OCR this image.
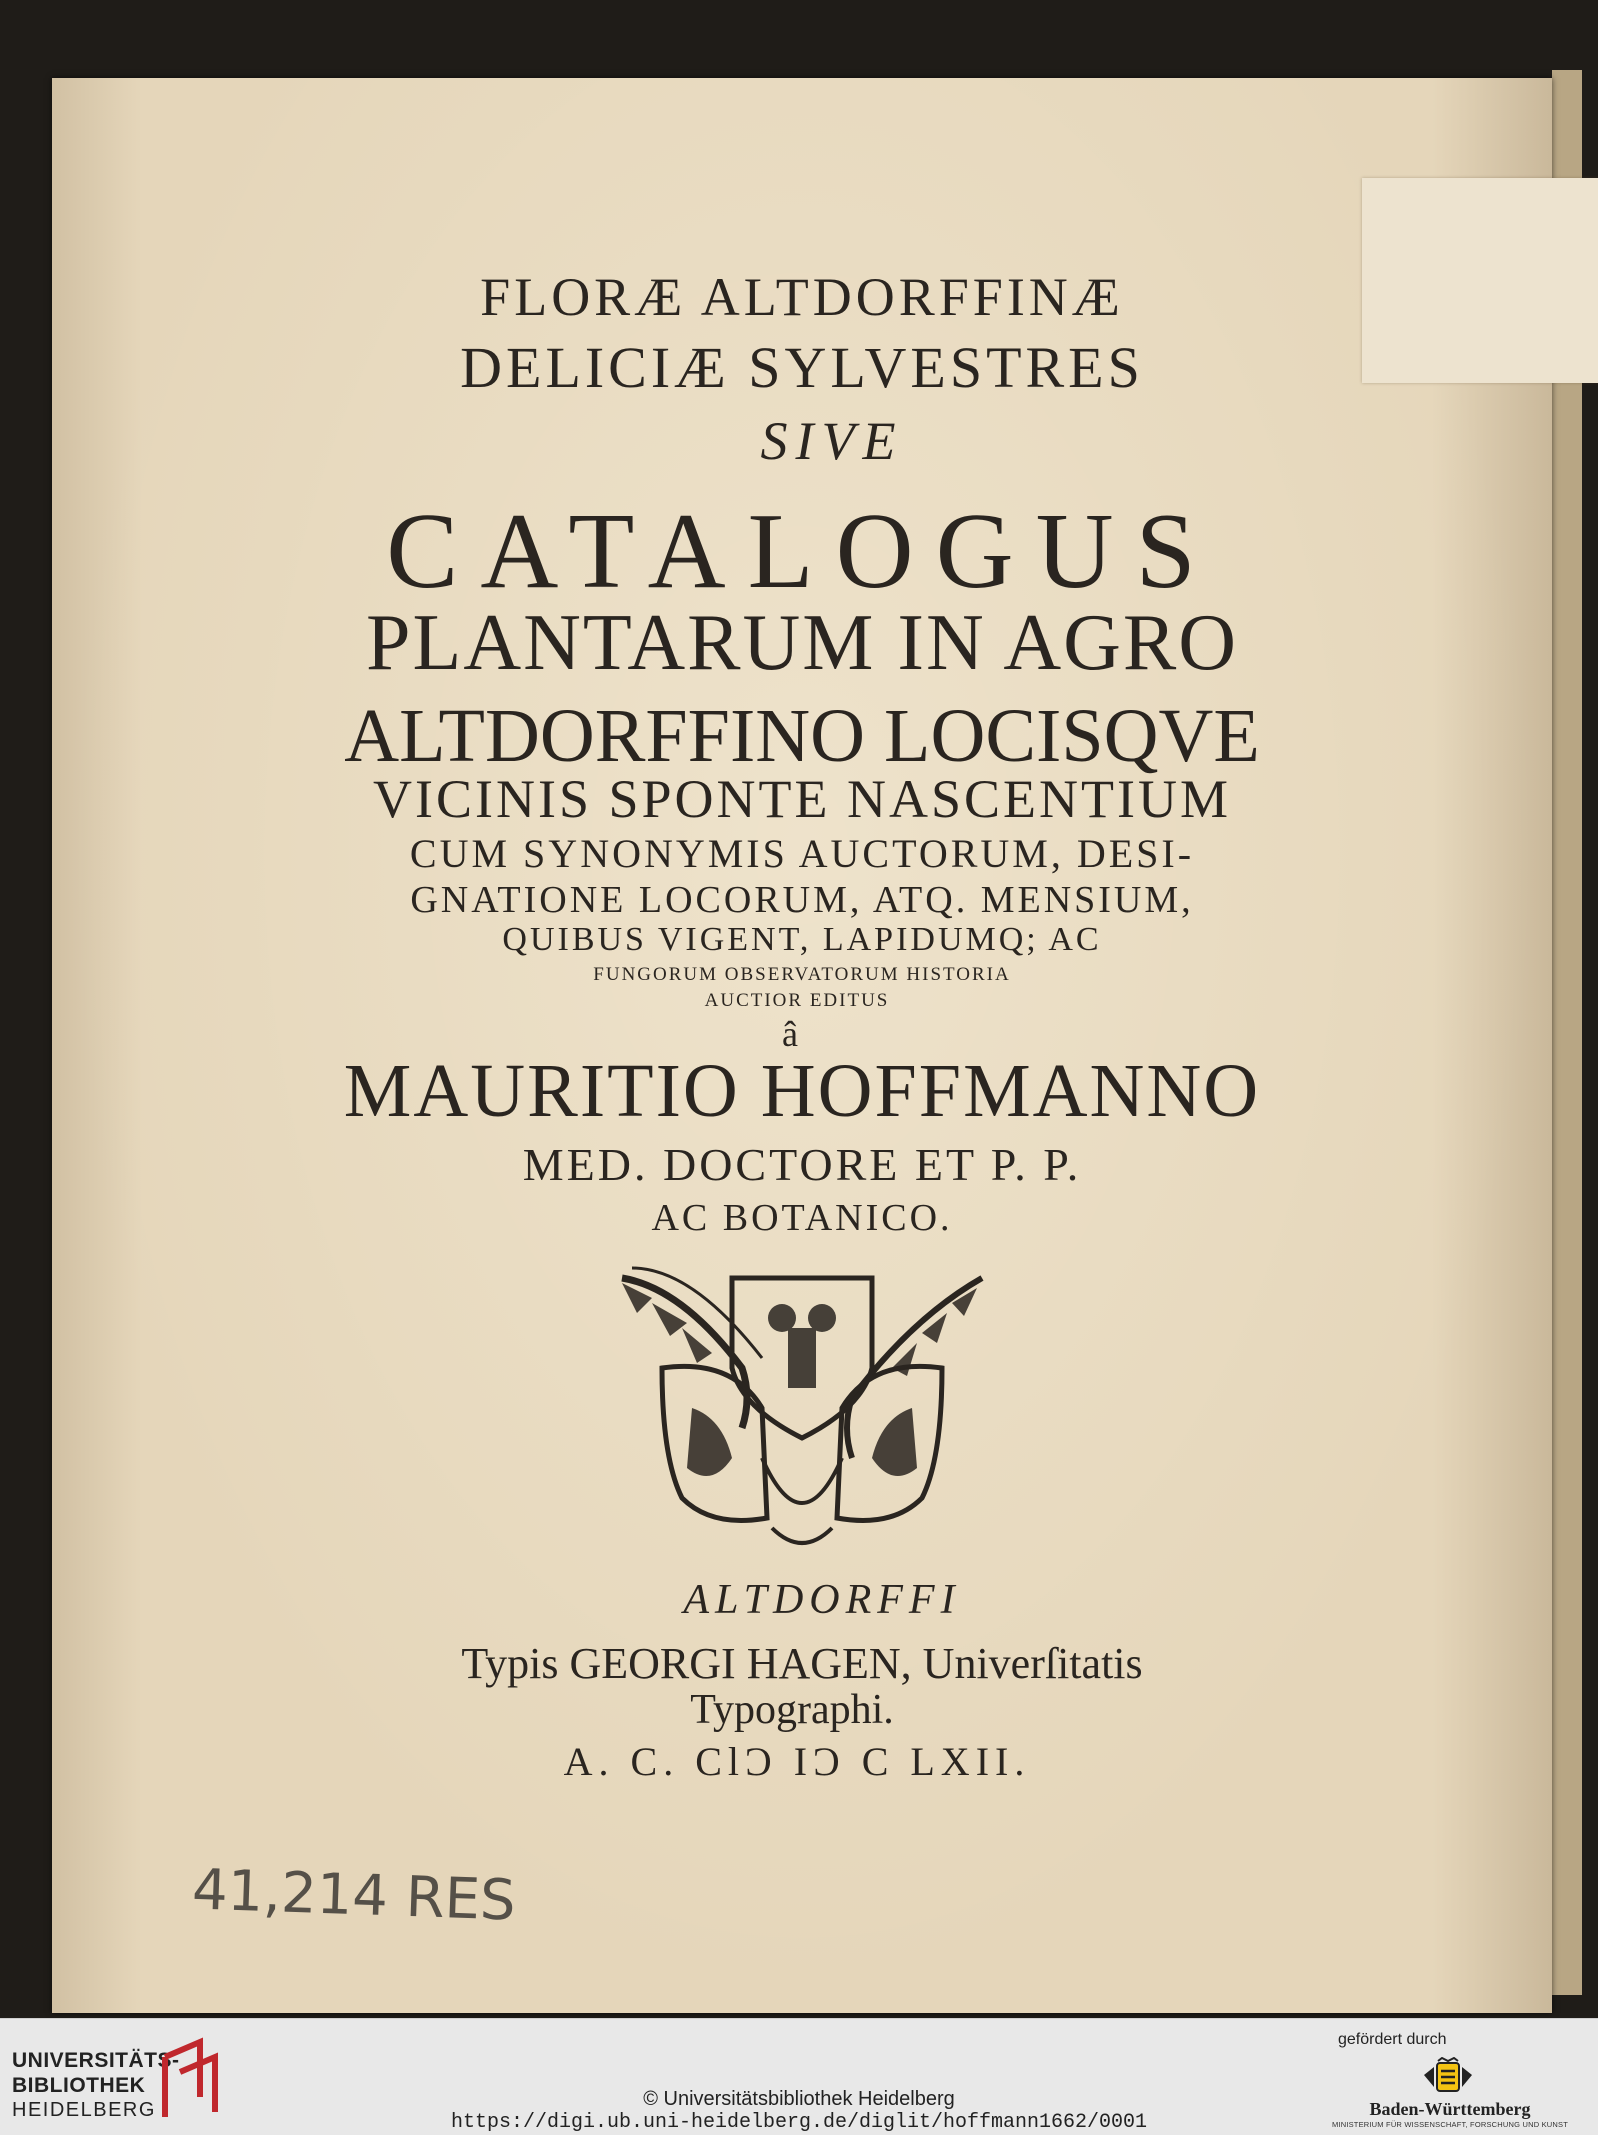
FLORÆ ALTDORFFINÆ
DELICIÆ SYLVESTRES
SIVE
CATALOGUS
PLANTARUM IN AGRO
ALTDORFFINO LOCISQVE
VICINIS SPONTE NASCENTIUM
CUM SYNONYMIS AUCTORUM, DESI-
GNATIONE LOCORUM, ATQ. MENSIUM,
QUIBUS VIGENT, LAPIDUMQ; AC
FUNGORUM OBSERVATORUM HISTORIA
AUCTIOR EDITUS
â
MAURITIO HOFFMANNO
MED. DOCTORE ET P. P.
AC BOTANICO.
ALTDORFFI
Typis GEORGI HAGEN, Univerſitatis
Typographi.
A. C. ClƆ IƆ C LXII.
41,214 RES
UNIVERSITÄTS-
BIBLIOTHEK
HEIDELBERG	© Universitätsbibliothek Heidelberg
https://digi.ub.uni-heidelberg.de/diglit/hoffmann1662/0001
gefördert durch
Baden-Württemberg
MINISTERIUM FÜR WISSENSCHAFT, FORSCHUNG UND KUNST
